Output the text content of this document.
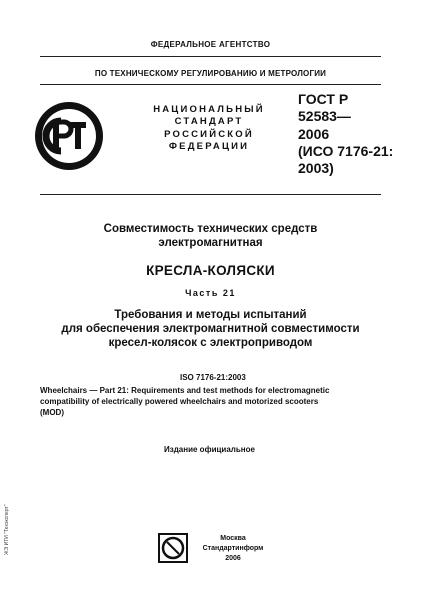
ФЕДЕРАЛЬНОЕ АГЕНТСТВО
ПО ТЕХНИЧЕСКОМУ РЕГУЛИРОВАНИЮ И МЕТРОЛОГИИ
РСТ
НАЦИОНАЛЬНЫЙ
СТАНДАРТ
РОССИЙСКОЙ
ФЕДЕРАЦИИ
ГОСТ Р
52583—
2006
(ИСО 7176-21:
2003)
Совместимость технических средств
электромагнитная
КРЕСЛА-КОЛЯСКИ
Часть 21
Требования и методы испытаний
для обеспечения электромагнитной совместимости
кресел-колясок с электроприводом
ISO 7176-21:2003
Wheelchairs — Part 21: Requirements and test methods for electromagnetic
compatibility of electrically powered wheelchairs and motorized scooters
(MOD)
Издание официальное
СИ
Москва
Стандартинформ
2006
ЖЭ ИТИ "Техэксперт"
